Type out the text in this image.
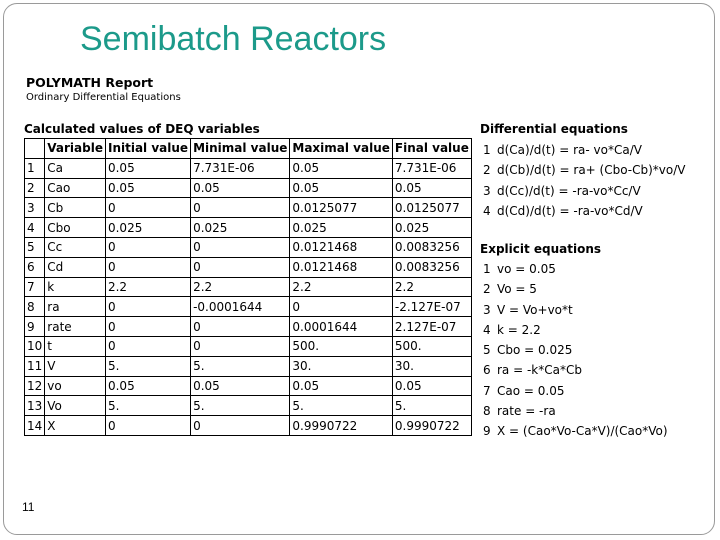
Semibatch Reactors
POLYMATH Report
Ordinary Differential Equations
Calculated values of DEQ variables
	Variable	Initial value	Minimal value	Maximal value	Final value
1	Ca	0.05	7.731E-06	0.05	7.731E-06
2	Cao	0.05	0.05	0.05	0.05
3	Cb	0	0	0.0125077	0.0125077
4	Cbo	0.025	0.025	0.025	0.025
5	Cc	0	0	0.0121468	0.0083256
6	Cd	0	0	0.0121468	0.0083256
7	k	2.2	2.2	2.2	2.2
8	ra	0	-0.0001644	0	-2.127E-07
9	rate	0	0	0.0001644	2.127E-07
10	t	0	0	500.	500.
11	V	5.	5.	30.	30.
12	vo	0.05	0.05	0.05	0.05
13	Vo	5.	5.	5.	5.
14	X	0	0	0.9990722	0.9990722
Differential equations
1 d(Ca)/d(t) = ra- vo*Ca/V
2 d(Cb)/d(t) = ra+ (Cbo-Cb)*vo/V
3 d(Cc)/d(t) = -ra-vo*Cc/V
4 d(Cd)/d(t) = -ra-vo*Cd/V
Explicit equations
1 vo = 0.05
2 Vo = 5
3 V = Vo+vo*t
4 k = 2.2
5 Cbo = 0.025
6 ra = -k*Ca*Cb
7 Cao = 0.05
8 rate = -ra
9 X = (Cao*Vo-Ca*V)/(Cao*Vo)
11
